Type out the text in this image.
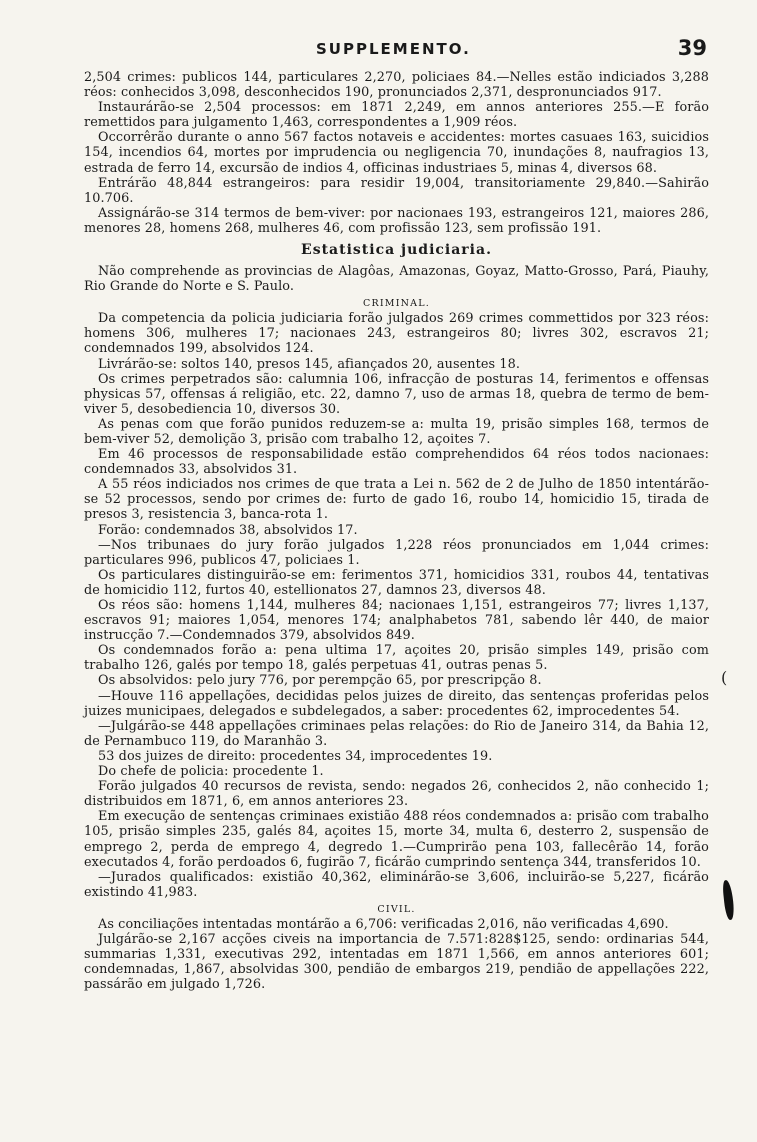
SUPPLEMENTO.	39

2,504 crimes: publicos 144, particulares 2,270, policiaes 84.—Nelles estão indiciados 3,288 réos: conhecidos 3,098, desconhecidos 190, pronunciados 2,371, despronunciados 917.

Instaurárão-se 2,504 processos: em 1871 2,249, em annos anteriores 255.—E forão remettidos para julgamento 1,463, correspondentes a 1,909 réos.

Occorrêrão durante o anno 567 factos notaveis e accidentes: mortes casuaes 163, suicidios 154, incendios 64, mortes por imprudencia ou negligencia 70, inundações 8, naufragios 13, estrada de ferro 14, excursão de indios 4, officinas industriaes 5, minas 4, diversos 68.

Entrárão 48,844 estrangeiros: para residir 19,004, transitoriamente 29,840.—Sahirão 10.706.

Assignárão-se 314 termos de bem-viver: por nacionaes 193, estrangeiros 121, maiores 286, menores 28, homens 268, mulheres 46, com profissão 123, sem profissão 191.

Estatistica judiciaria.

Não comprehende as provincias de Alagôas, Amazonas, Goyaz, Matto-Grosso, Pará, Piauhy, Rio Grande do Norte e S. Paulo.

CRIMINAL.

Da competencia da policia judiciaria forão julgados 269 crimes commettidos por 323 réos: homens 306, mulheres 17; nacionaes 243, estrangeiros 80; livres 302, escravos 21; condemnados 199, absolvidos 124.

Livrárão-se: soltos 140, presos 145, afiançados 20, ausentes 18.

Os crimes perpetrados são: calumnia 106, infracção de posturas 14, ferimentos e offensas physicas 57, offensas á religião, etc. 22, damno 7, uso de armas 18, quebra de termo de bem-viver 5, desobediencia 10, diversos 30.

As penas com que forão punidos reduzem-se a: multa 19, prisão simples 168, termos de bem-viver 52, demolição 3, prisão com trabalho 12, açoites 7.

Em 46 processos de responsabilidade estão comprehendidos 64 réos todos nacionaes: condemnados 33, absolvidos 31.

A 55 réos indiciados nos crimes de que trata a Lei n. 562 de 2 de Julho de 1850 intentárão-se 52 processos, sendo por crimes de: furto de gado 16, roubo 14, homicidio 15, tirada de presos 3, resistencia 3, banca-rota 1.

Forão: condemnados 38, absolvidos 17.

—Nos tribunaes do jury forão julgados 1,228 réos pronunciados em 1,044 crimes: particulares 996, publicos 47, policiaes 1.

Os particulares distinguirão-se em: ferimentos 371, homicidios 331, roubos 44, tentativas de homicidio 112, furtos 40, estellionatos 27, damnos 23, diversos 48.

Os réos são: homens 1,144, mulheres 84; nacionaes 1,151, estrangeiros 77; livres 1,137, escravos 91; maiores 1,054, menores 174; analphabetos 781, sabendo lêr 440, de maior instrucção 7.—Condemnados 379, absolvidos 849.

Os condemnados forão a: pena ultima 17, açoites 20, prisão simples 149, prisão com trabalho 126, galés por tempo 18, galés perpetuas 41, outras penas 5.

Os absolvidos: pelo jury 776, por perempção 65, por prescripção 8.

—Houve 116 appellações, decididas pelos juizes de direito, das sentenças proferidas pelos juizes municipaes, delegados e subdelegados, a saber: procedentes 62, improcedentes 54.

—Julgárão-se 448 appellações criminaes pelas relações: do Rio de Janeiro 314, da Bahia 12, de Pernambuco 119, do Maranhão 3.

53 dos juizes de direito: procedentes 34, improcedentes 19.

Do chefe de policia: procedente 1.

Forão julgados 40 recursos de revista, sendo: negados 26, conhecidos 2, não conhecido 1; distribuidos em 1871, 6, em annos anteriores 23.

Em execução de sentenças criminaes existião 488 réos condemnados a: prisão com trabalho 105, prisão simples 235, galés 84, açoites 15, morte 34, multa 6, desterro 2, suspensão de emprego 2, perda de emprego 4, degredo 1.—Cumprirão pena 103, fallecêrão 14, forão executados 4, forão perdoados 6, fugirão 7, ficárão cumprindo sentença 344, transferidos 10.

—Jurados qualificados: existião 40,362, eliminárão-se 3,606, incluirão-se 5,227, ficárão existindo 41,983.

CIVIL.

As conciliações intentadas montárão a 6,706: verificadas 2,016, não verificadas 4,690.

Julgárão-se 2,167 acções civeis na importancia de 7.571:828$125, sendo: ordinarias 544, summarias 1,331, executivas 292, intentadas em 1871 1,566, em annos anteriores 601; condemnadas, 1,867, absolvidas 300, pendião de embargos 219, pendião de appellações 222, passárão em julgado 1,726.

(
